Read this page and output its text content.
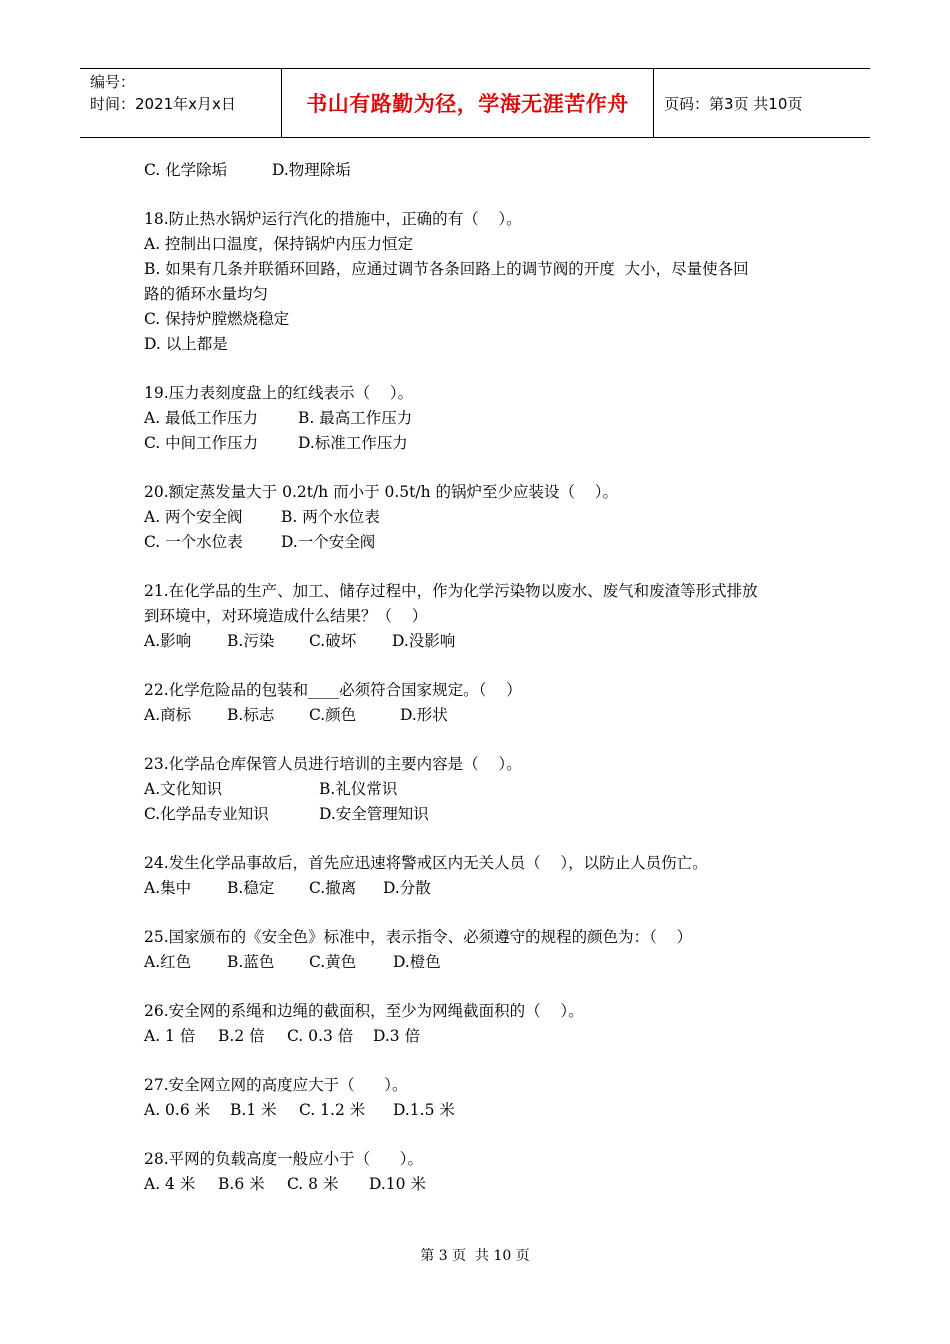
编号：
时间：2021年x月x日	书山有路勤为径，学海无涯苦作舟 页码：第3页 共10页
C. 化学除垢	D.物理除垢
18.防止热水锅炉运行汽化的措施中，正确的有（    ）。
A. 控制出口温度，保持锅炉内压力恒定
B. 如果有几条并联循环回路，应通过调节各条回路上的调节阀的开度  大小，尽量使各回
路的循环水量均匀
C. 保持炉膛燃烧稳定
D. 以上都是
19.压力表刻度盘上的红线表示（    ）。
A. 最低工作压力	B. 最高工作压力
C. 中间工作压力	D.标准工作压力
20.额定蒸发量大于 0.2t/h 而小于 0.5t/h 的锅炉至少应装设（    ）。
A. 两个安全阀	B. 两个水位表
C. 一个水位表	D.一个安全阀
21.在化学品的生产、加工、储存过程中，作为化学污染物以废水、废气和废渣等形式排放
到环境中，对环境造成什么结果？（    ）
A.影响	B.污染	C.破坏	D.没影响
22.化学危险品的包装和____必须符合国家规定。（    ）
A.商标	B.标志	C.颜色	D.形状
23.化学品仓库保管人员进行培训的主要内容是（    ）。
A.文化知识	B.礼仪常识
C.化学品专业知识	D.安全管理知识
24.发生化学品事故后，首先应迅速将警戒区内无关人员（    ），以防止人员伤亡。
A.集中	B.稳定	C.撤离	D.分散
25.国家颁布的《安全色》标准中，表示指令、必须遵守的规程的颜色为：（    ）
A.红色	B.蓝色	C.黄色	D.橙色
26.安全网的系绳和边绳的截面积，至少为网绳截面积的（    ）。
A. 1 倍	B.2 倍	C. 0.3 倍	D.3 倍
27.安全网立网的高度应大于（      ）。
A. 0.6 米	B.1 米	C. 1.2 米	D.1.5 米
28.平网的负载高度一般应小于（      ）。
A. 4 米	B.6 米	C. 8 米	D.10 米
第 3 页  共 10 页
